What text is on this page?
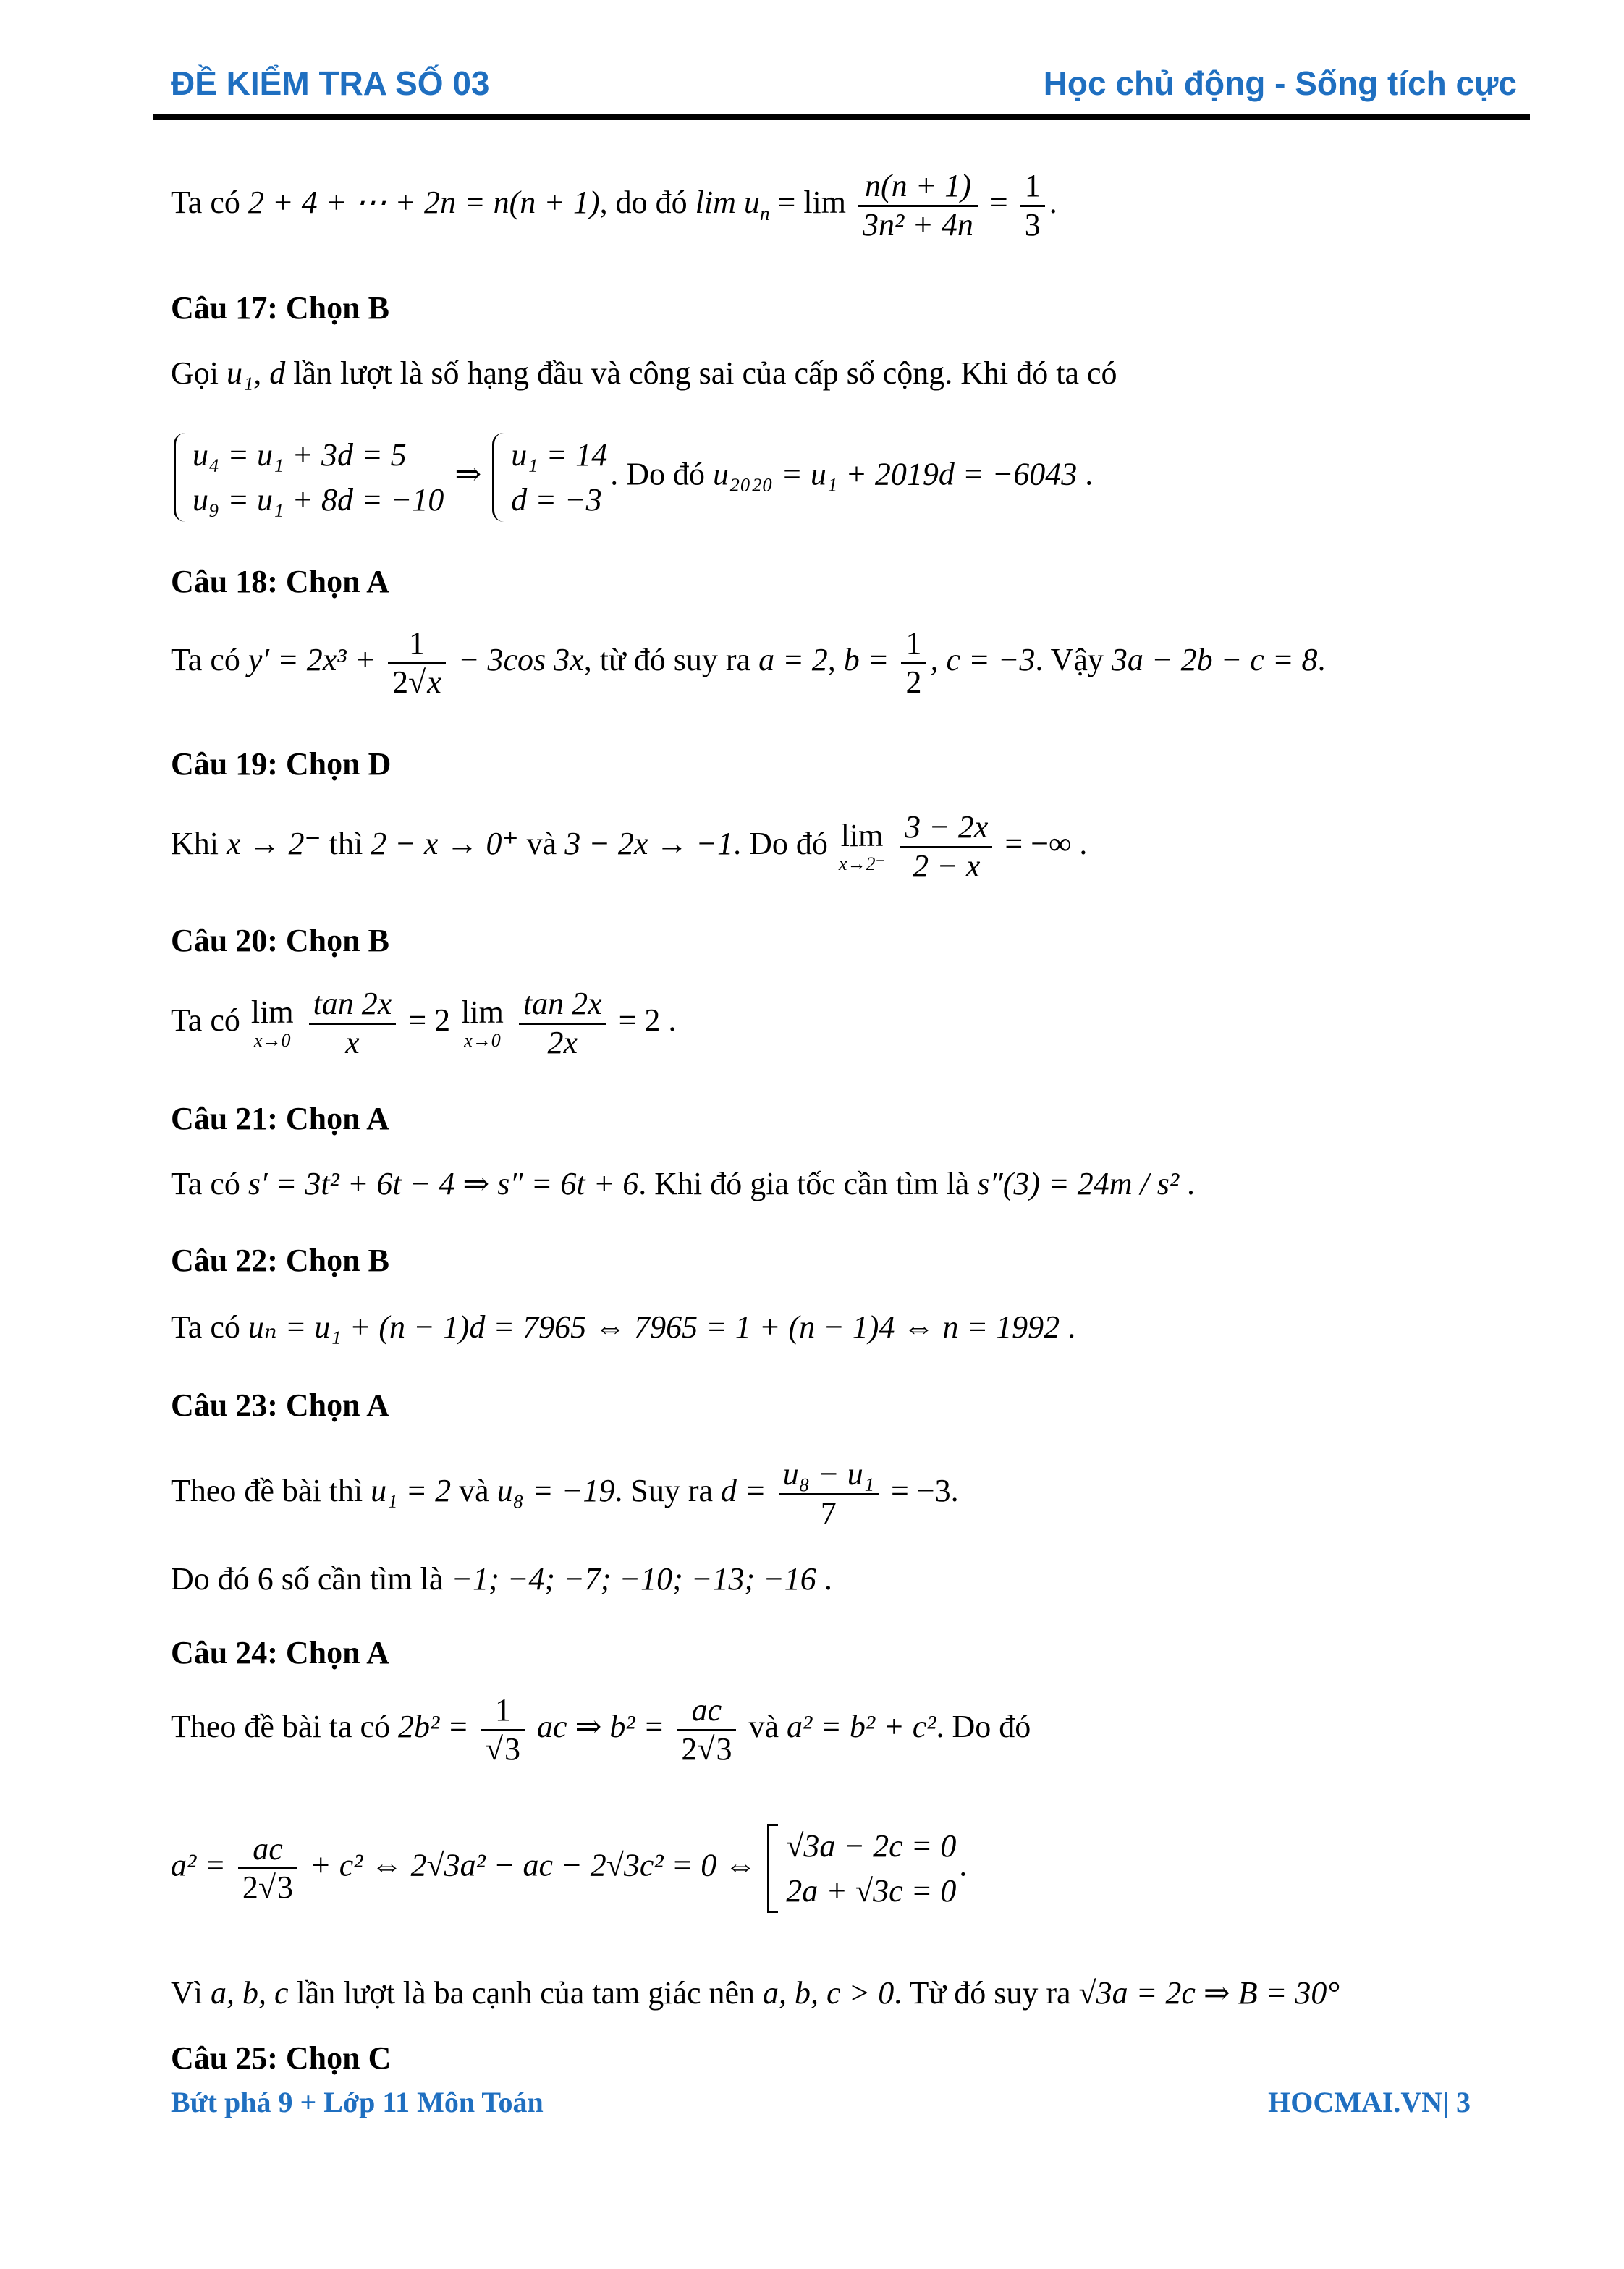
ĐỀ KIỂM TRA SỐ 03	Học chủ động - Sống tích cực
Ta có 2 + 4 + ⋯ + 2n = n(n + 1), do đó $\lim u_n = \lim \frac{n(n + 1)}{\text{3n² + 4n}} = \frac{1}{3}$ .
Câu 17: Chọn B
Gọi u₁, d lần lượt là số hạng đầu và công sai của cấp số cộng. Khi đó ta có
u₄ = u₁ + 3d = 5
u₉ = u₁ + 8d = −10
⇒
u₁ = 14
d = −3
. Do đó u₂₀₂₀ = u₁ + 2019d = −6043 .
Câu 18: Chọn A
Ta có $y' = 2x^3 + \frac{1}{2√x} - 3\cos$ 3x, từ đó suy ra a = 2, $b = \frac{1}{2}$ , c = −3. Vậy 3a − 2b − c = 8.
Câu 19: Chọn D
Khi x → 2⁻ thì 2 − x → 0⁺ và 3 − 2x → −1. Do đó lim
x→2⁻
$\frac{3 - 2x}{2 - x}$ = −∞ .
Câu 20: Chọn B
Ta có lim
x→0
$\frac{\tan 2x}{x} = 2$ lim
x→0
$\frac{\tan 2x}{2x} = 2$ .
Câu 21: Chọn A
Ta có s′ = 3t² + 6t − 4 ⇒ s″ = 6t + 6. Khi đó gia tốc cần tìm là s″(3) = 24m / s² .
Câu 22: Chọn B
Ta có uₙ = u₁ + (n − 1)d = 7965 ⇔ 7965 = 1 + (n − 1)4 ⇔ n = 1992 .
Câu 23: Chọn A
Theo đề bài thì u₁ = 2 và u₈ = −19. Suy ra $d = \frac{\text{u₈ − u₁}}{7} = -3$.
Do đó 6 số cần tìm là −1; −4; −7; −10; −13; −16 .
Câu 24: Chọn A
Theo đề bài ta có $2b^2 = \frac{1}{√3}$ ac ⇒ $b^2 = \frac{ac}{2√3}$ và a² = b² + c². Do đó
$a^2 = \frac{ac}{2√3} + c^2$ ⇔ 2√3a² − ac − 2√3c² = 0 ⇔
√3a − 2c = 0
2a + √3c = 0
.
Vì a, b, c lần lượt là ba cạnh của tam giác nên a, b, c > 0. Từ đó suy ra √3a = 2c ⇒ B = 30°
Câu 25: Chọn C
Bứt phá 9 + Lớp 11 Môn Toán	HOCMAI.VN| 3
